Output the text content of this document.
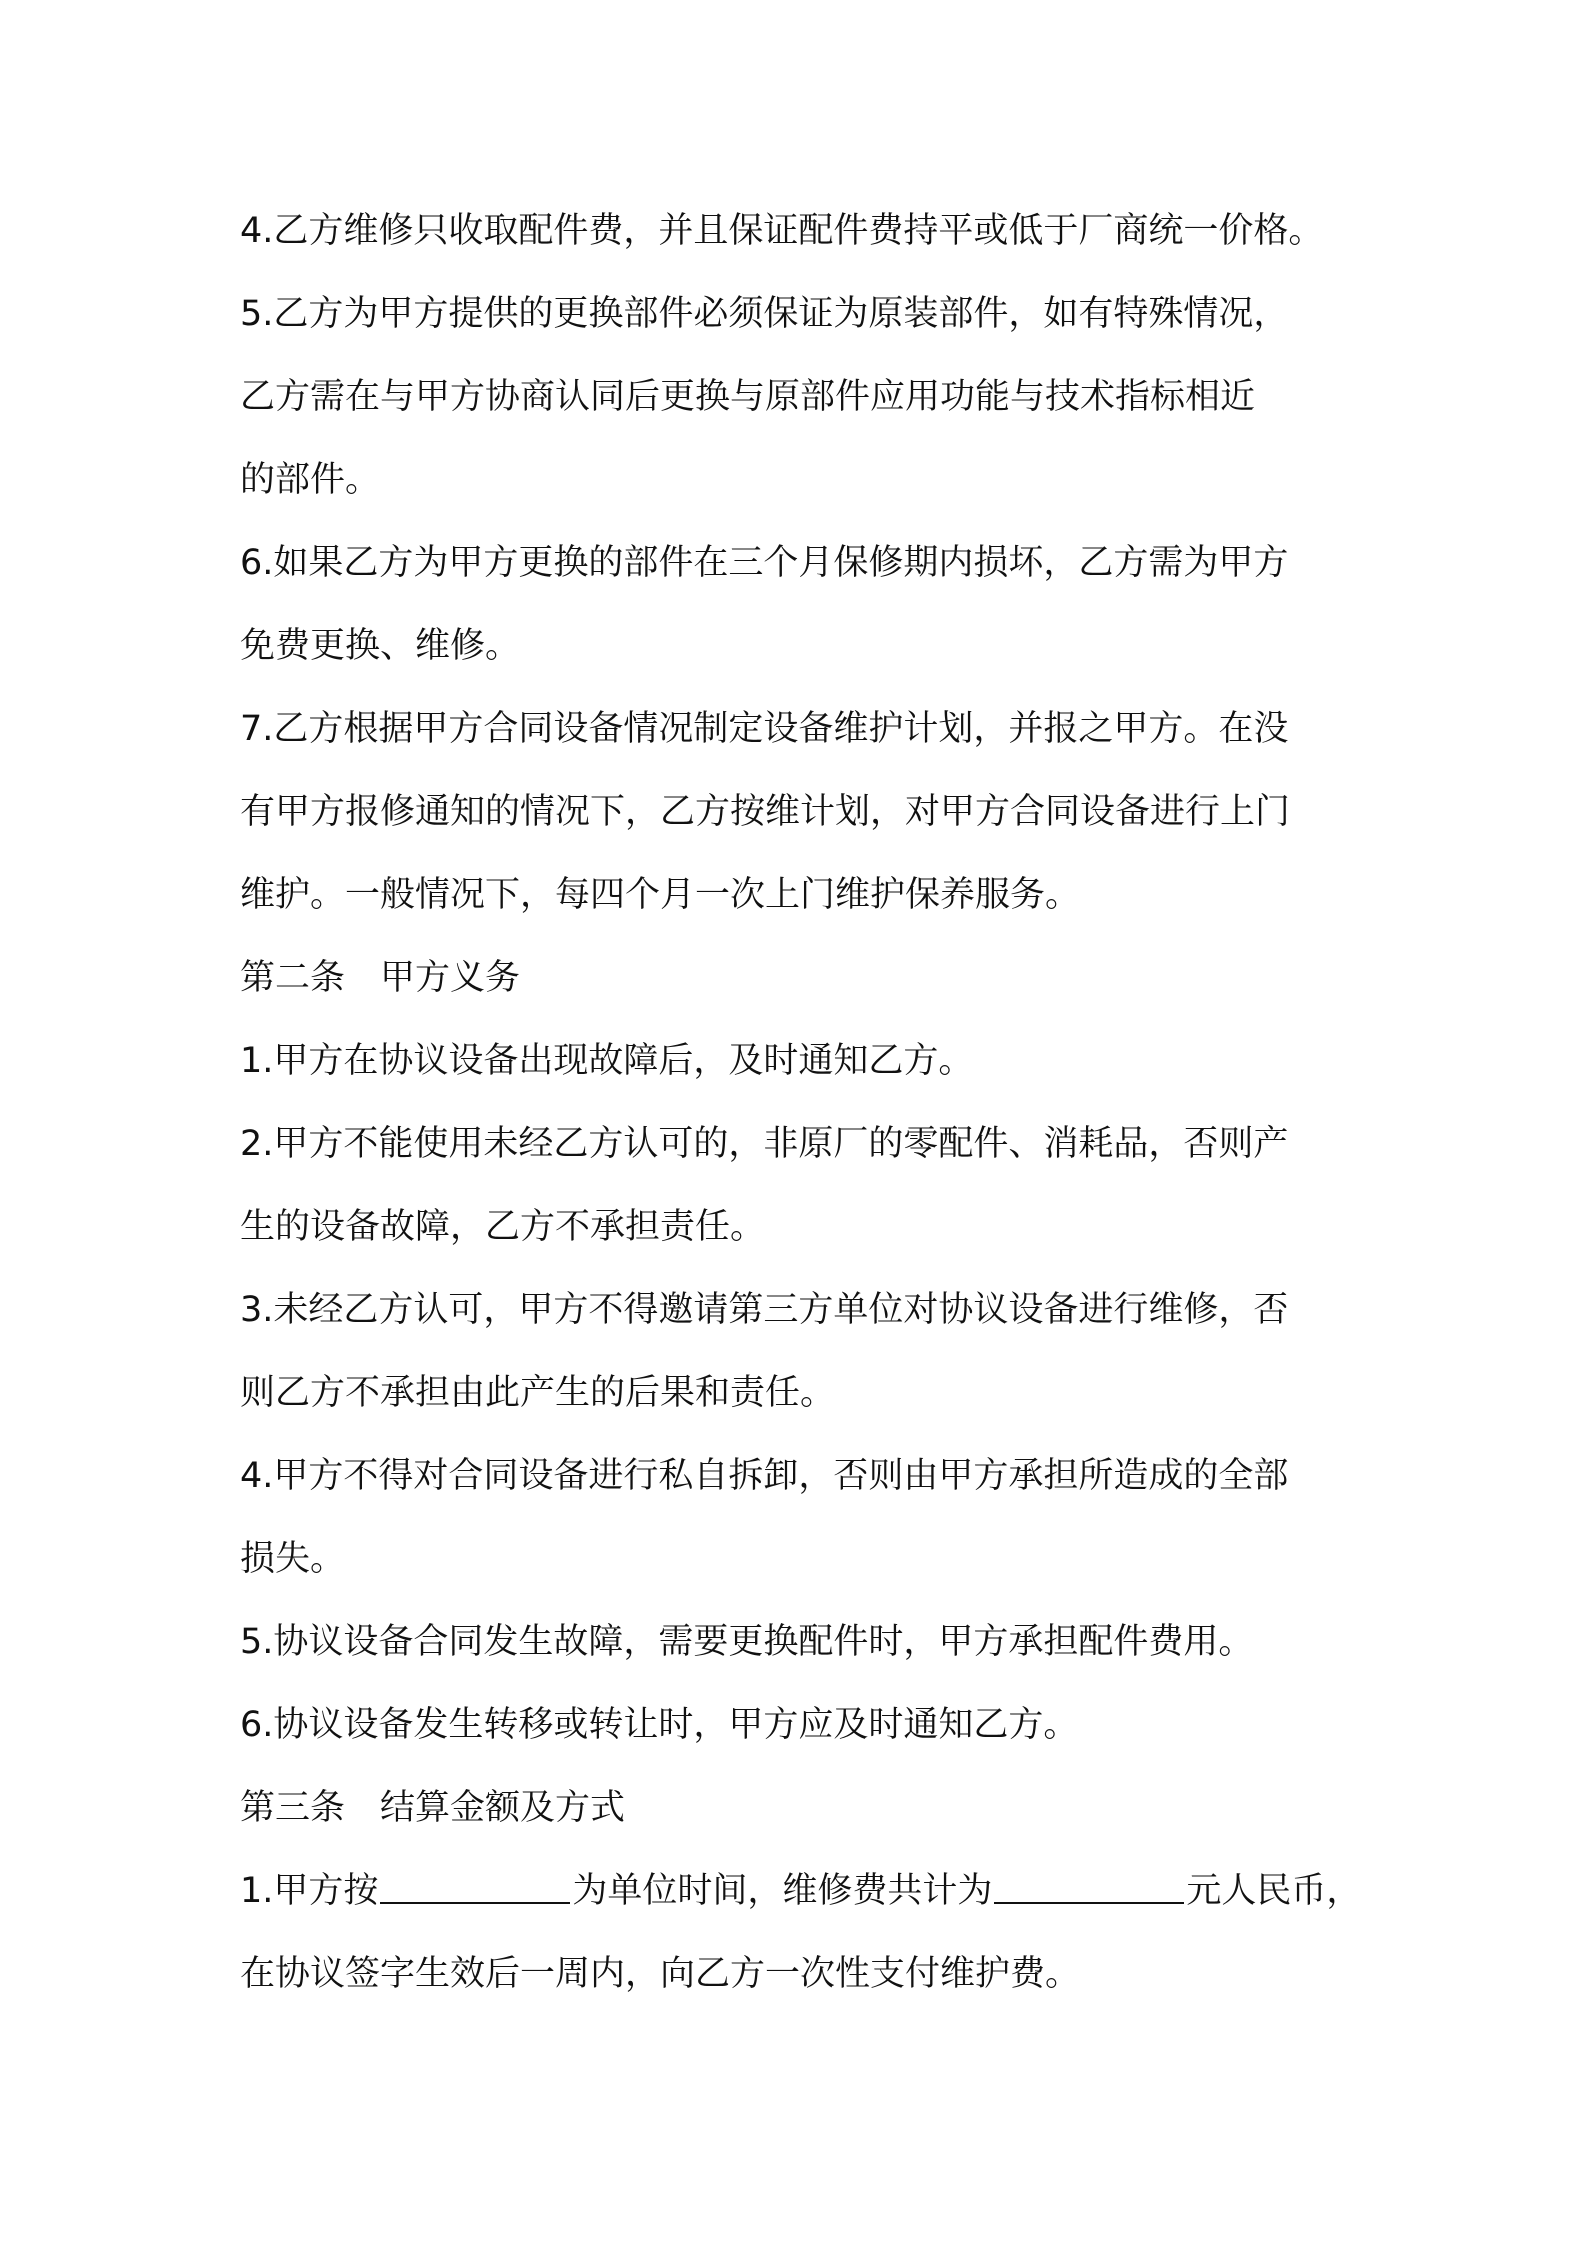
4.乙方维修只收取配件费，并且保证配件费持平或低于厂商统一价格。
5.乙方为甲方提供的更换部件必须保证为原装部件，如有特殊情况，
乙方需在与甲方协商认同后更换与原部件应用功能与技术指标相近
的部件。
6.如果乙方为甲方更换的部件在三个月保修期内损坏，乙方需为甲方
免费更换、维修。
7.乙方根据甲方合同设备情况制定设备维护计划，并报之甲方。在没
有甲方报修通知的情况下，乙方按维计划，对甲方合同设备进行上门
维护。一般情况下，每四个月一次上门维护保养服务。
第二条　甲方义务
1.甲方在协议设备出现故障后，及时通知乙方。
2.甲方不能使用未经乙方认可的，非原厂的零配件、消耗品，否则产
生的设备故障，乙方不承担责任。
3.未经乙方认可，甲方不得邀请第三方单位对协议设备进行维修，否
则乙方不承担由此产生的后果和责任。
4.甲方不得对合同设备进行私自拆卸，否则由甲方承担所造成的全部
损失。
5.协议设备合同发生故障，需要更换配件时，甲方承担配件费用。
6.协议设备发生转移或转让时，甲方应及时通知乙方。
第三条　结算金额及方式
1.甲方按	为单位时间，维修费共计为	元人民币，
在协议签字生效后一周内，向乙方一次性支付维护费。
